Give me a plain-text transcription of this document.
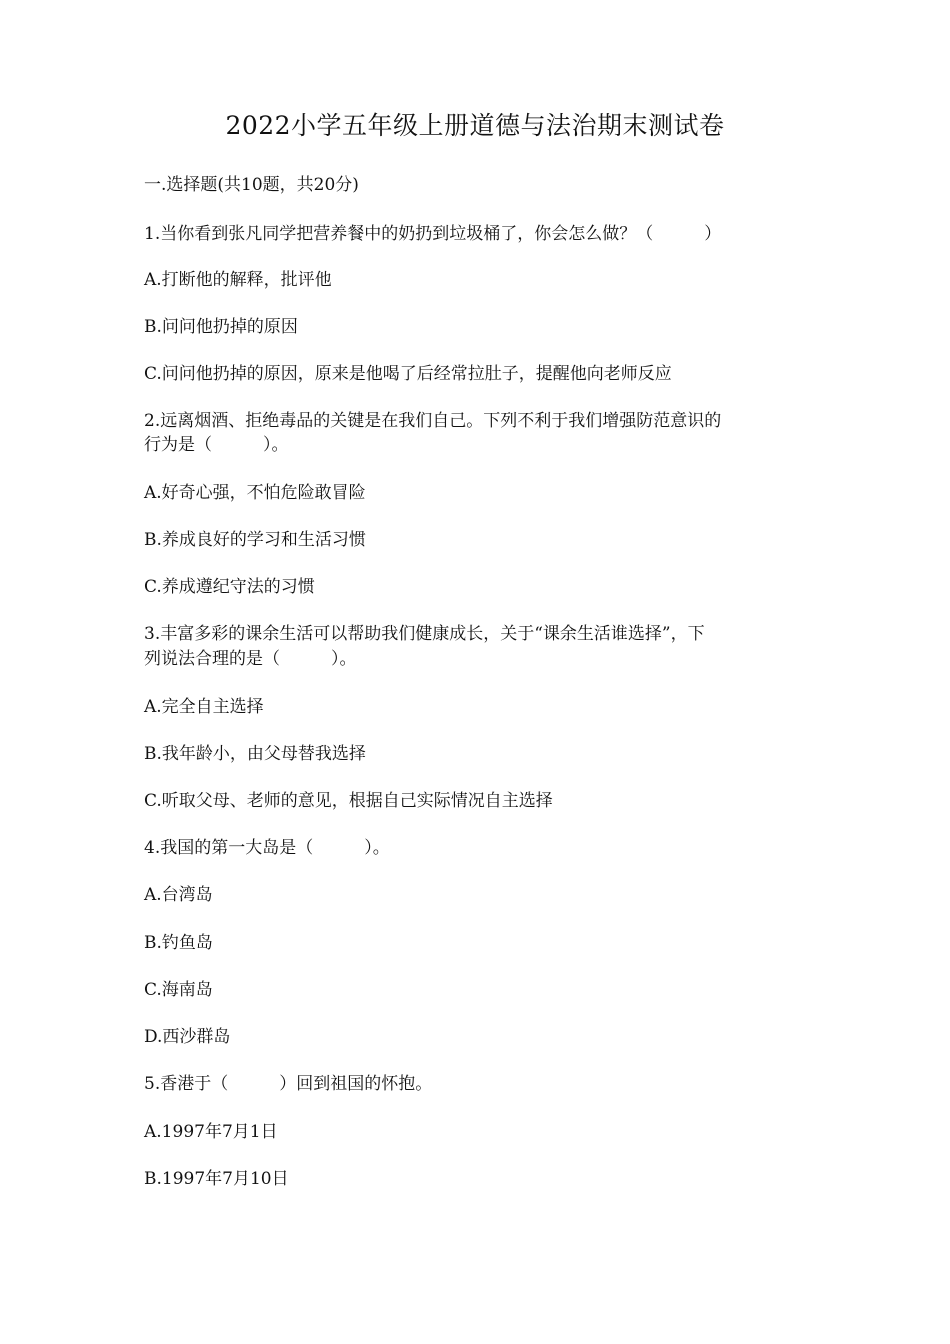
2022小学五年级上册道德与法治期末测试卷
一.选择题(共10题，共20分)
1.当你看到张凡同学把营养餐中的奶扔到垃圾桶了，你会怎么做？（　　　）
A.打断他的解释，批评他
B.问问他扔掉的原因
C.问问他扔掉的原因，原来是他喝了后经常拉肚子，提醒他向老师反应
2.远离烟酒、拒绝毒品的关键是在我们自己。下列不利于我们增强防范意识的
行为是（　　　）。
A.好奇心强，不怕危险敢冒险
B.养成良好的学习和生活习惯
C.养成遵纪守法的习惯
3.丰富多彩的课余生活可以帮助我们健康成长，关于“课余生活谁选择”，下
列说法合理的是（　　　）。
A.完全自主选择
B.我年龄小，由父母替我选择
C.听取父母、老师的意见，根据自己实际情况自主选择
4.我国的第一大岛是（　　　）。
A.台湾岛
B.钓鱼岛
C.海南岛
D.西沙群岛
5.香港于（　　　）回到祖国的怀抱。
A.1997年7月1日
B.1997年7月10日
